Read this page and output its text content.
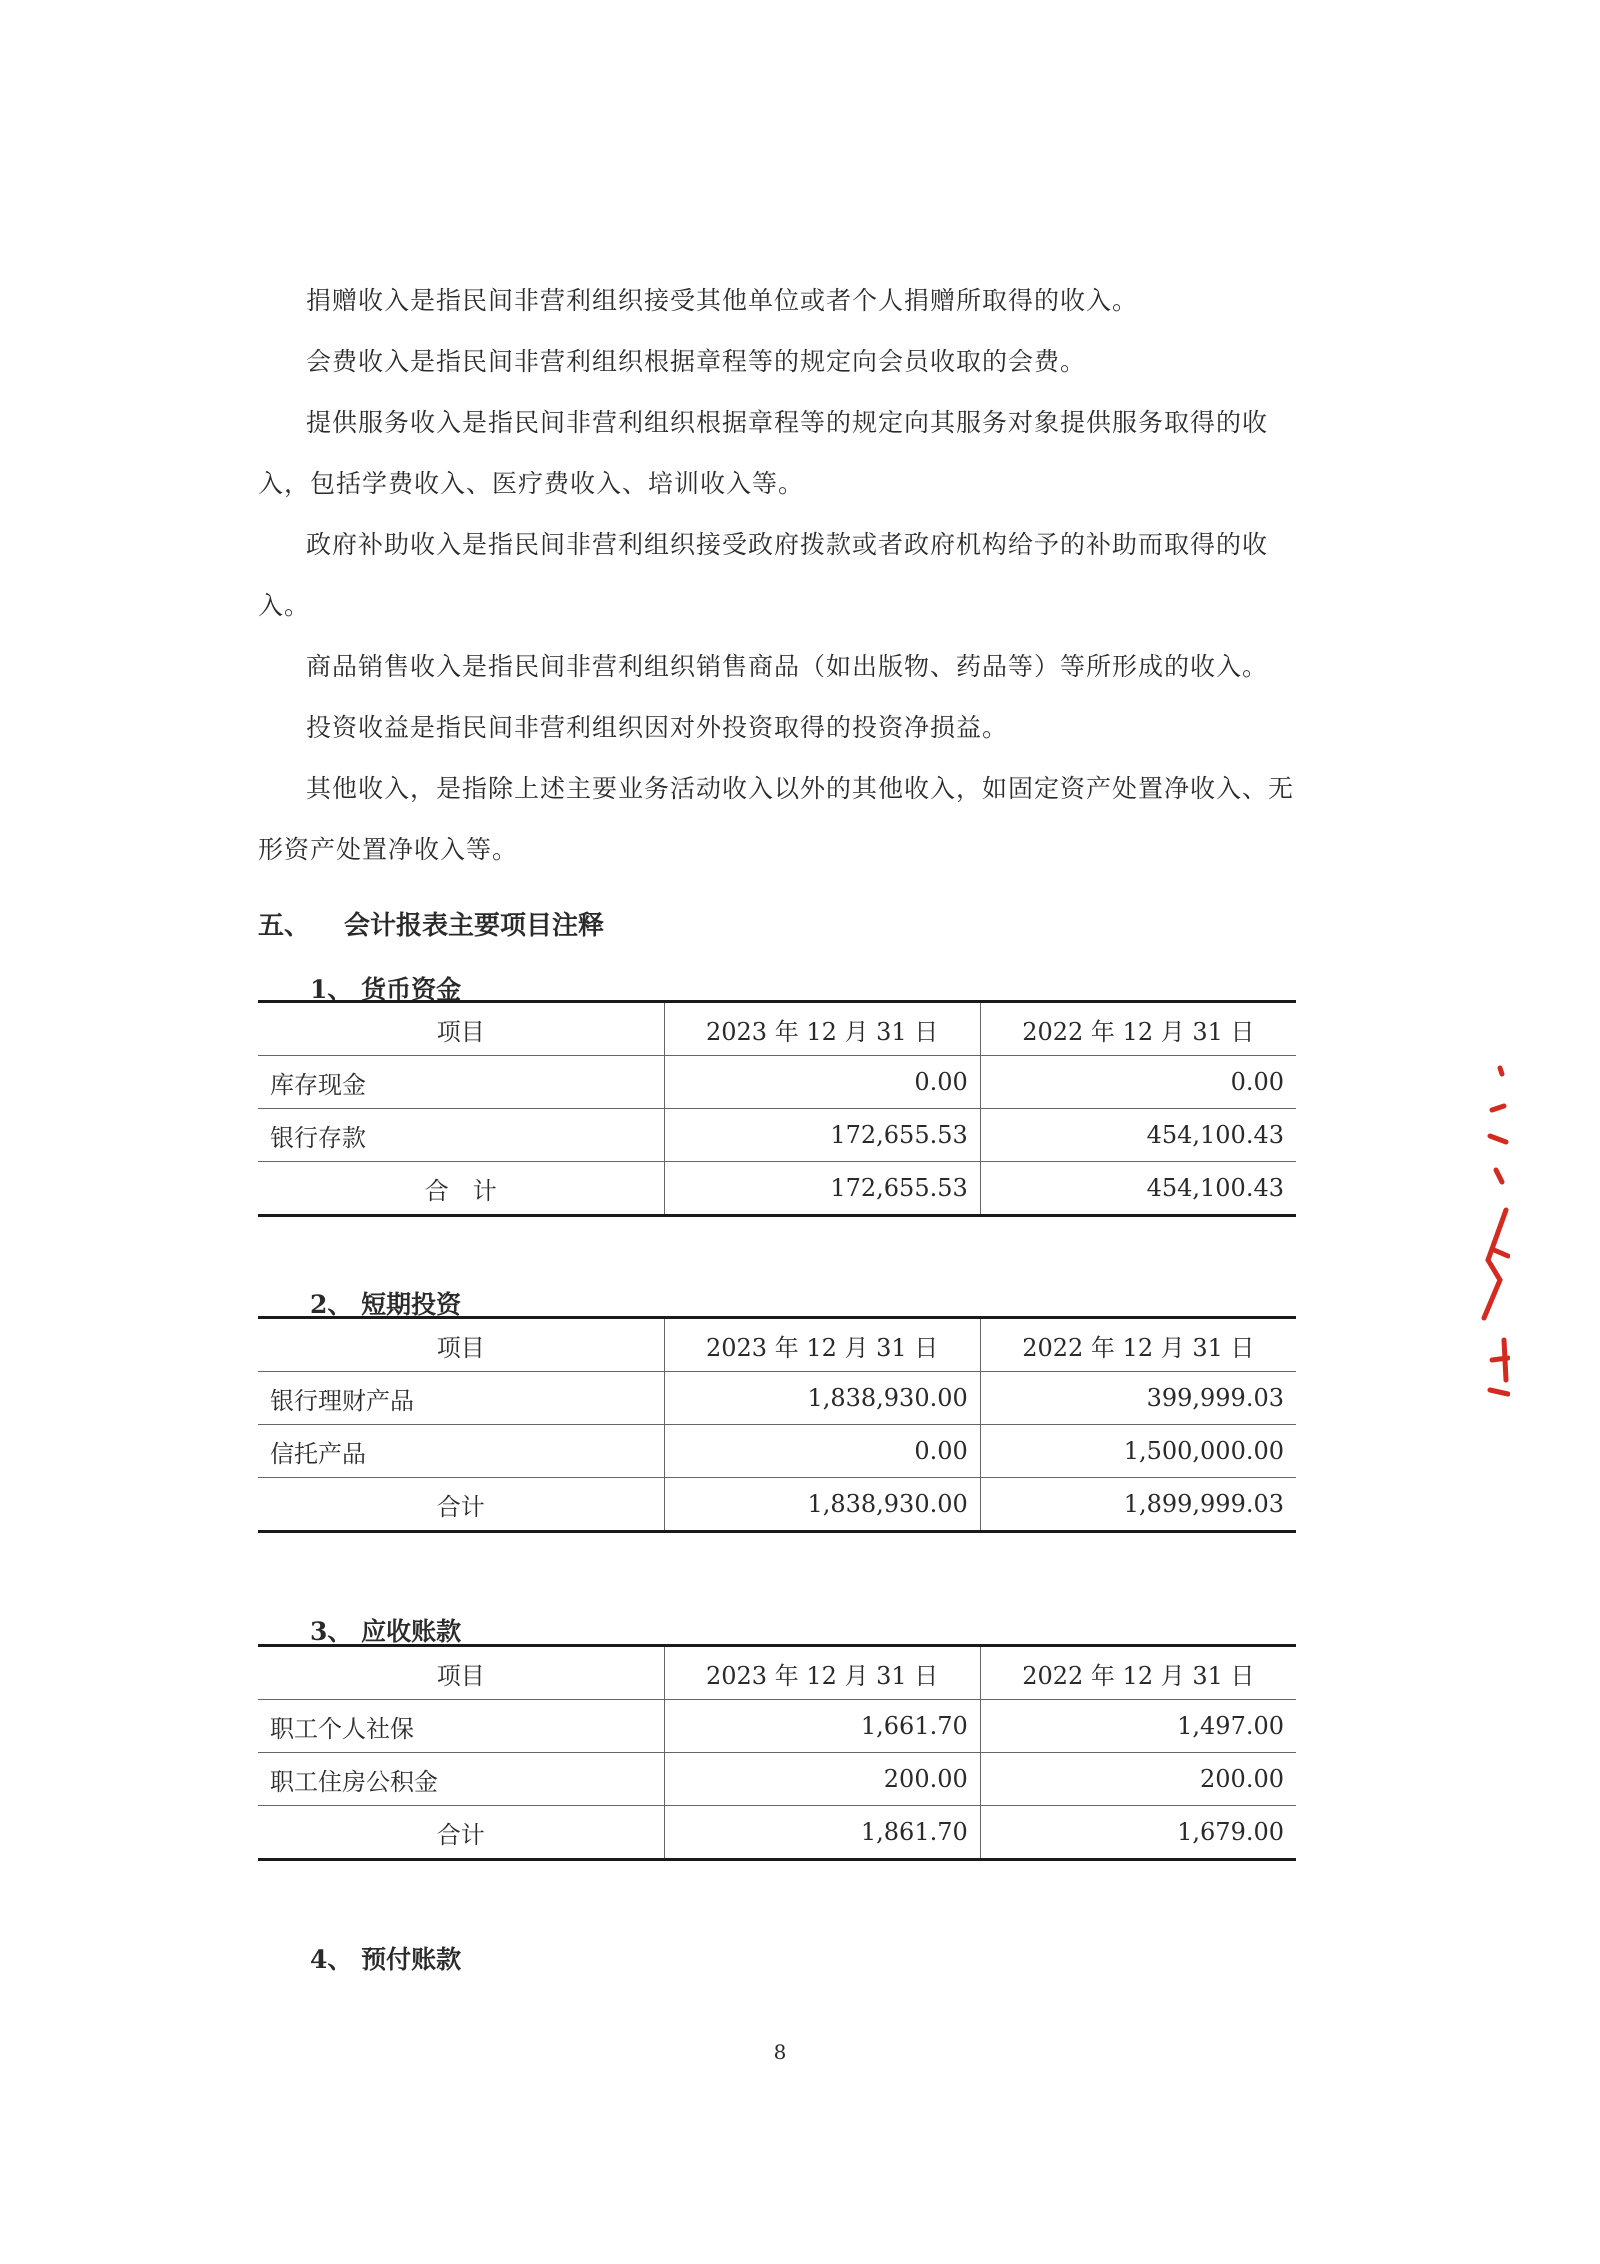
捐赠收入是指民间非营利组织接受其他单位或者个人捐赠所取得的收入。

会费收入是指民间非营利组织根据章程等的规定向会员收取的会费。

提供服务收入是指民间非营利组织根据章程等的规定向其服务对象提供服务取得的收入，包括学费收入、医疗费收入、培训收入等。

政府补助收入是指民间非营利组织接受政府拨款或者政府机构给予的补助而取得的收入。

商品销售收入是指民间非营利组织销售商品（如出版物、药品等）等所形成的收入。

投资收益是指民间非营利组织因对外投资取得的投资净损益。

其他收入，是指除上述主要业务活动收入以外的其他收入，如固定资产处置净收入、无形资产处置净收入等。

五、 会计报表主要项目注释
1、 货币资金
项目	2023 年 12 月 31 日	2022 年 12 月 31 日
库存现金	0.00	0.00
银行存款	172,655.53	454,100.43
合　计	172,655.53	454,100.43
2、 短期投资
项目	2023 年 12 月 31 日	2022 年 12 月 31 日
银行理财产品	1,838,930.00	399,999.03
信托产品	0.00	1,500,000.00
合计	1,838,930.00	1,899,999.03
3、 应收账款
项目	2023 年 12 月 31 日	2022 年 12 月 31 日
职工个人社保	1,661.70	1,497.00
职工住房公积金	200.00	200.00
合计	1,861.70	1,679.00
4、 预付账款
8
